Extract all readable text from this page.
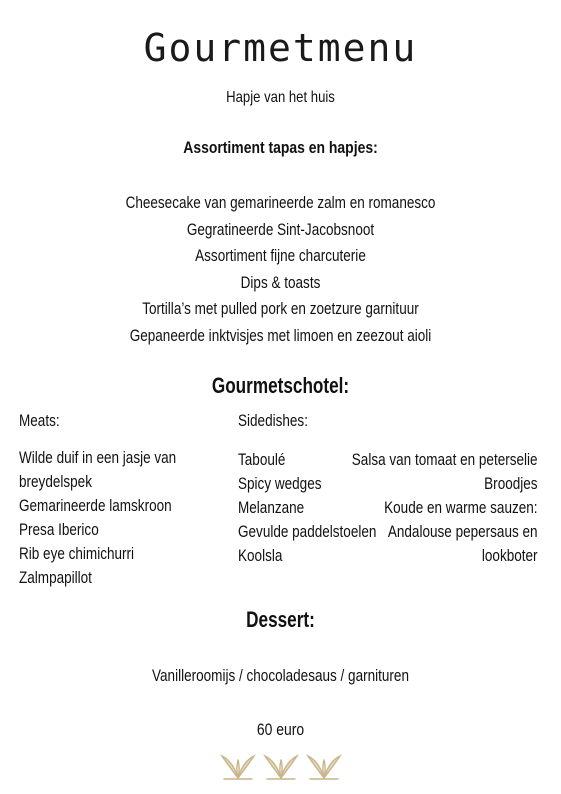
Gourmetmenu
Hapje van het huis
Assortiment tapas en hapjes:
Cheesecake van gemarineerde zalm en romanesco
Gegratineerde Sint-Jacobsnoot
Assortiment fijne charcuterie
Dips & toasts
Tortilla’s met pulled pork en zoetzure garnituur
Gepaneerde inktvisjes met limoen en zeezout aioli
Gourmetschotel:
Meats:	Sidedishes:
Wilde duif in een jasje van breydelspek
Gemarineerde lamskroon
Presa Iberico
Rib eye chimichurri
Zalmpapillot
Taboulé
Spicy wedges
Melanzane
Gevulde paddelstoelen
Koolsla
Salsa van tomaat en peterselie
Broodjes
Koude en warme sauzen:
Andalouse pepersaus en
lookboter
Dessert:
Vanilleroomijs / chocoladesaus / garnituren
60 euro
